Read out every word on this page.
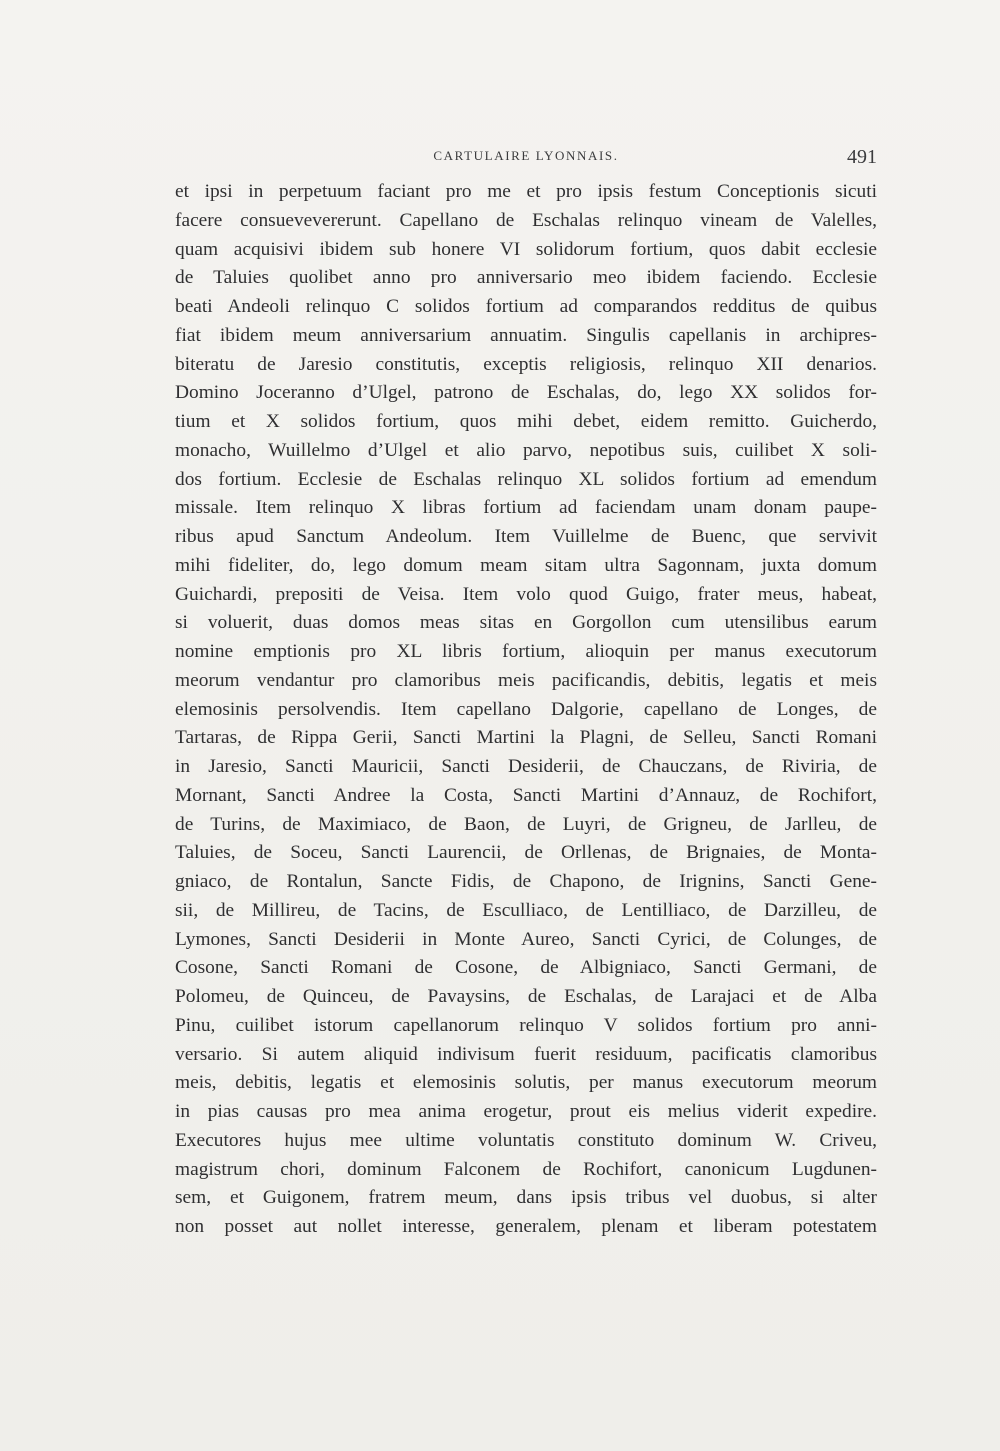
CARTULAIRE LYONNAIS.	491
et ipsi in perpetuum faciant pro me et pro ipsis festum Conceptionis sicuti
facere consuevevererunt. Capellano de Eschalas relinquo vineam de Valelles,
quam acquisivi ibidem sub honere VI solidorum fortium, quos dabit ecclesie
de Taluies quolibet anno pro anniversario meo ibidem faciendo. Ecclesie
beati Andeoli relinquo C solidos fortium ad comparandos redditus de quibus
fiat ibidem meum anniversarium annuatim. Singulis capellanis in archipres-
biteratu de Jaresio constitutis, exceptis religiosis, relinquo XII denarios.
Domino Joceranno d’Ulgel, patrono de Eschalas, do, lego XX solidos for-
tium et X solidos fortium, quos mihi debet, eidem remitto. Guicherdo,
monacho, Wuillelmo d’Ulgel et alio parvo, nepotibus suis, cuilibet X soli-
dos fortium. Ecclesie de Eschalas relinquo XL solidos fortium ad emendum
missale. Item relinquo X libras fortium ad faciendam unam donam paupe-
ribus apud Sanctum Andeolum. Item Vuillelme de Buenc, que servivit
mihi fideliter, do, lego domum meam sitam ultra Sagonnam, juxta domum
Guichardi, prepositi de Veisa. Item volo quod Guigo, frater meus, habeat,
si voluerit, duas domos meas sitas en Gorgollon cum utensilibus earum
nomine emptionis pro XL libris fortium, alioquin per manus executorum
meorum vendantur pro clamoribus meis pacificandis, debitis, legatis et meis
elemosinis persolvendis. Item capellano Dalgorie, capellano de Longes, de
Tartaras, de Rippa Gerii, Sancti Martini la Plagni, de Selleu, Sancti Romani
in Jaresio, Sancti Mauricii, Sancti Desiderii, de Chauczans, de Riviria, de
Mornant, Sancti Andree la Costa, Sancti Martini d’Annauz, de Rochifort,
de Turins, de Maximiaco, de Baon, de Luyri, de Grigneu, de Jarlleu, de
Taluies, de Soceu, Sancti Laurencii, de Orllenas, de Brignaies, de Monta-
gniaco, de Rontalun, Sancte Fidis, de Chapono, de Irignins, Sancti Gene-
sii, de Millireu, de Tacins, de Esculliaco, de Lentilliaco, de Darzilleu, de
Lymones, Sancti Desiderii in Monte Aureo, Sancti Cyrici, de Colunges, de
Cosone, Sancti Romani de Cosone, de Albigniaco, Sancti Germani, de
Polomeu, de Quinceu, de Pavaysins, de Eschalas, de Larajaci et de Alba
Pinu, cuilibet istorum capellanorum relinquo V solidos fortium pro anni-
versario. Si autem aliquid indivisum fuerit residuum, pacificatis clamoribus
meis, debitis, legatis et elemosinis solutis, per manus executorum meorum
in pias causas pro mea anima erogetur, prout eis melius viderit expedire.
Executores hujus mee ultime voluntatis constituto dominum W. Criveu,
magistrum chori, dominum Falconem de Rochifort, canonicum Lugdunen-
sem, et Guigonem, fratrem meum, dans ipsis tribus vel duobus, si alter
non posset aut nollet interesse, generalem, plenam et liberam potestatem
